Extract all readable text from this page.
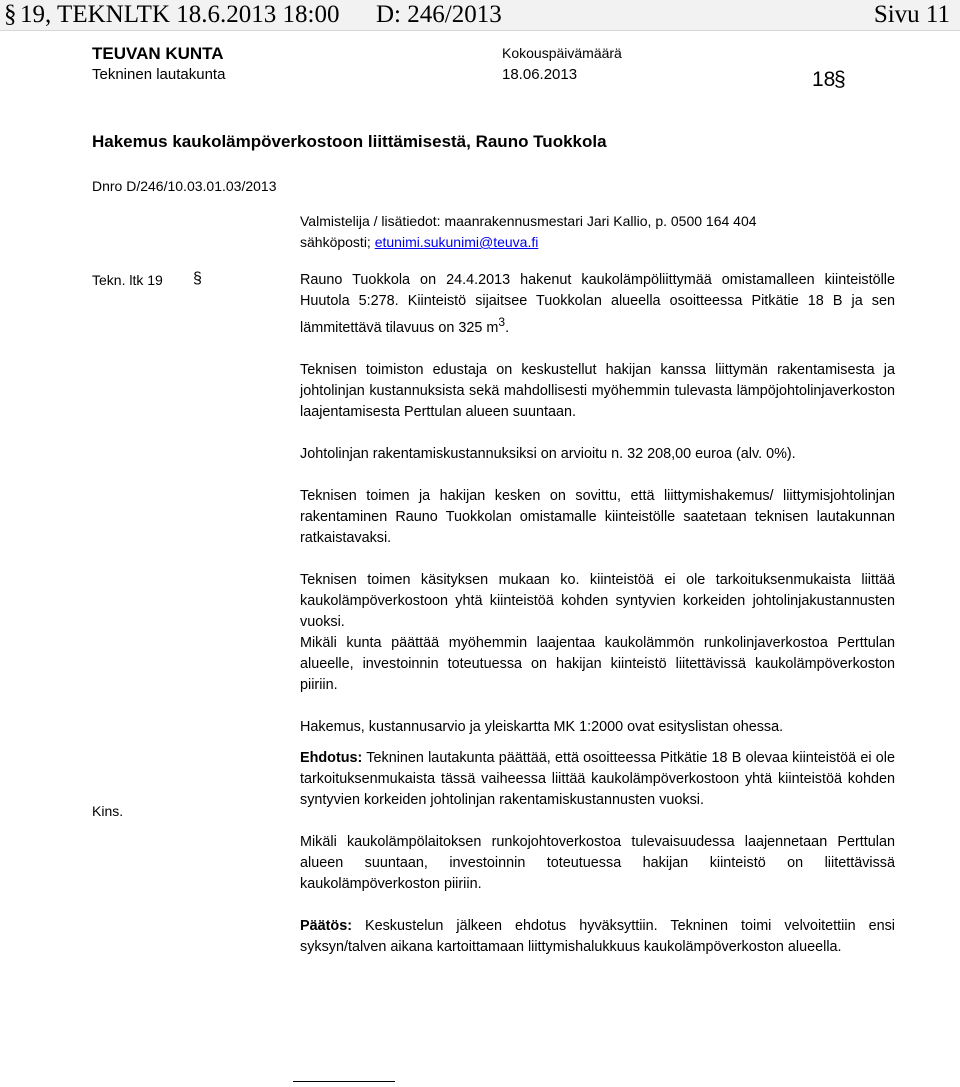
§ 19, TEKNLTK 18.6.2013 18:00 D: 246/2013	Sivu 11
TEUVAN KUNTA
Tekninen lautakunta
Kokouspäivämäärä
18.06.2013	18
§
Hakemus kaukolämpöverkostoon liittämisestä, Rauno Tuokkola
Dnro D/246/10.03.01.03/2013
Valmistelija / lisätiedot: maanrakennusmestari Jari Kallio, p. 0500 164 404
sähköposti; etunimi.sukunimi@teuva.fi
Tekn. ltk 19 §
Kins.

Rauno Tuokkola on 24.4.2013 hakenut kaukolämpöliittymää omistamalleen kiinteistölle Huutola 5:278. Kiinteistö sijaitsee Tuokkolan alueella osoitteessa Pitkätie 18 B ja sen lämmitettävä tilavuus on 325 $m^3$.

Teknisen toimiston edustaja on keskustellut hakijan kanssa liittymän rakentamisesta ja johtolinjan kustannuksista sekä mahdollisesti myöhemmin tulevasta lämpöjohtolinjaverkoston laajentamisesta Perttulan alueen suuntaan.

Johtolinjan rakentamiskustannuksiksi on arvioitu n. 32 208,00 euroa (alv. 0%).

Teknisen toimen ja hakijan kesken on sovittu, että liittymishakemus/ liittymisjohtolinjan rakentaminen Rauno Tuokkolan omistamalle kiinteistölle saatetaan teknisen lautakunnan ratkaistavaksi.

Teknisen toimen käsityksen mukaan ko. kiinteistöä ei ole tarkoituksenmukaista liittää kaukolämpöverkostoon yhtä kiinteistöä kohden syntyvien korkeiden johtolinjakustannusten vuoksi.

Mikäli kunta päättää myöhemmin laajentaa kaukolämmön runkolinjaverkostoa Perttulan alueelle, investoinnin toteutuessa on hakijan kiinteistö liitettävissä kaukolämpöverkoston piiriin.

Hakemus, kustannusarvio ja yleiskartta MK 1:2000 ovat esityslistan ohessa.

Ehdotus: Tekninen lautakunta päättää, että osoitteessa Pitkätie 18 B olevaa kiinteistöä ei ole tarkoituksenmukaista tässä vaiheessa liittää kaukolämpöverkostoon yhtä kiinteistöä kohden syntyvien korkeiden johtolinjan rakentamiskustannusten vuoksi.

Mikäli kaukolämpölaitoksen runkojohtoverkostoa tulevaisuudessa laajennetaan Perttulan alueen suuntaan, investoinnin toteutuessa hakijan kiinteistö on liitettävissä kaukolämpöverkoston piiriin.

Päätös: Keskustelun jälkeen ehdotus hyväksyttiin. Tekninen toimi velvoitettiin ensi syksyn/talven aikana kartoittamaan liittymishalukkuus kaukolämpöverkoston alueella.
